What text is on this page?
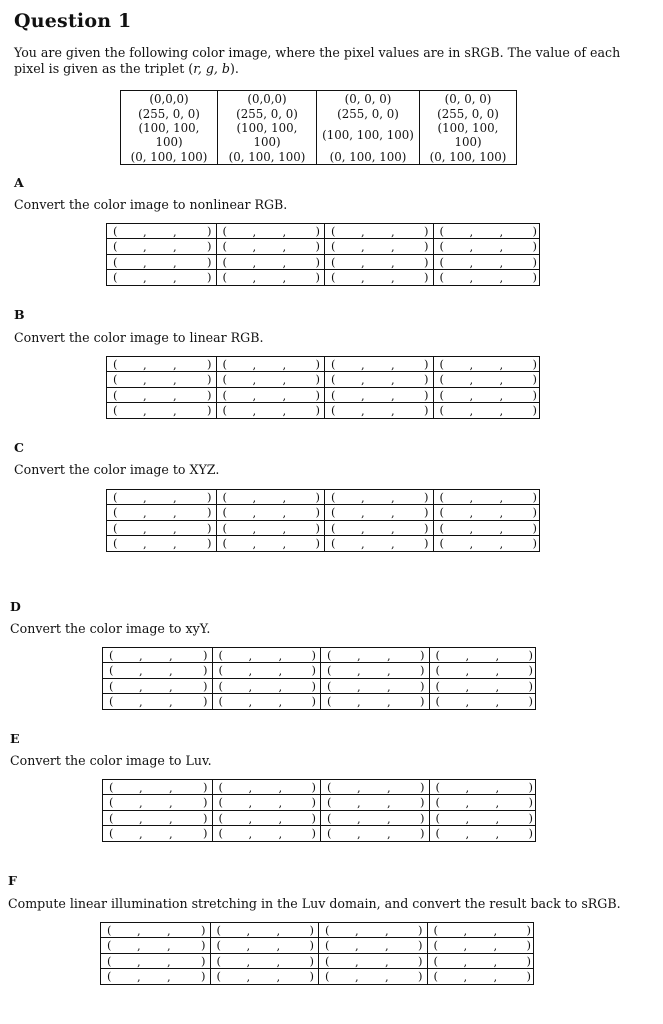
Question 1
You are given the following color image, where the pixel values are in sRGB. The value of each pixel is given as the triplet (r, g, b).
(0,0,0)	(0,0,0)	(0, 0, 0)	(0, 0, 0)
(255, 0, 0)	(255, 0, 0)	(255, 0, 0)	(255, 0, 0)
(100, 100, 100)	(100, 100, 100)	(100, 100, 100)	(100, 100, 100)
(0, 100, 100)	(0, 100, 100)	(0, 100, 100)	(0, 100, 100)
A
Convert the color image to nonlinear RGB.
( , ,	) ( , ,	) ( , ,	) ( , ,	)
( , ,	) ( , ,	) ( , ,	) ( , ,	)
( , ,	) ( , ,	) ( , ,	) ( , ,	)
( , ,	) ( , ,	) ( , ,	) ( , ,	)
B
Convert the color image to linear RGB.
( , ,	) ( , ,	) ( , ,	) ( , ,	)
( , ,	) ( , ,	) ( , ,	) ( , ,	)
( , ,	) ( , ,	) ( , ,	) ( , ,	)
( , ,	) ( , ,	) ( , ,	) ( , ,	)
C
Convert the color image to XYZ.
( , ,	) ( , ,	) ( , ,	) ( , ,	)
( , ,	) ( , ,	) ( , ,	) ( , ,	)
( , ,	) ( , ,	) ( , ,	) ( , ,	)
( , ,	) ( , ,	) ( , ,	) ( , ,	)
D
Convert the color image to xyY.
( , ,	) ( , ,	) ( , ,	) ( , ,	)
( , ,	) ( , ,	) ( , ,	) ( , ,	)
( , ,	) ( , ,	) ( , ,	) ( , ,	)
( , ,	) ( , ,	) ( , ,	) ( , ,	)
E
Convert the color image to Luv.
( , ,	) ( , ,	) ( , ,	) ( , ,	)
( , ,	) ( , ,	) ( , ,	) ( , ,	)
( , ,	) ( , ,	) ( , ,	) ( , ,	)
( , ,	) ( , ,	) ( , ,	) ( , ,	)
F
Compute linear illumination stretching in the Luv domain, and convert the result back to sRGB.
( , ,	) ( , ,	) ( , ,	) ( , ,	)
( , ,	) ( , ,	) ( , ,	) ( , ,	)
( , ,	) ( , ,	) ( , ,	) ( , ,	)
( , ,	) ( , ,	) ( , ,	) ( , ,	)
